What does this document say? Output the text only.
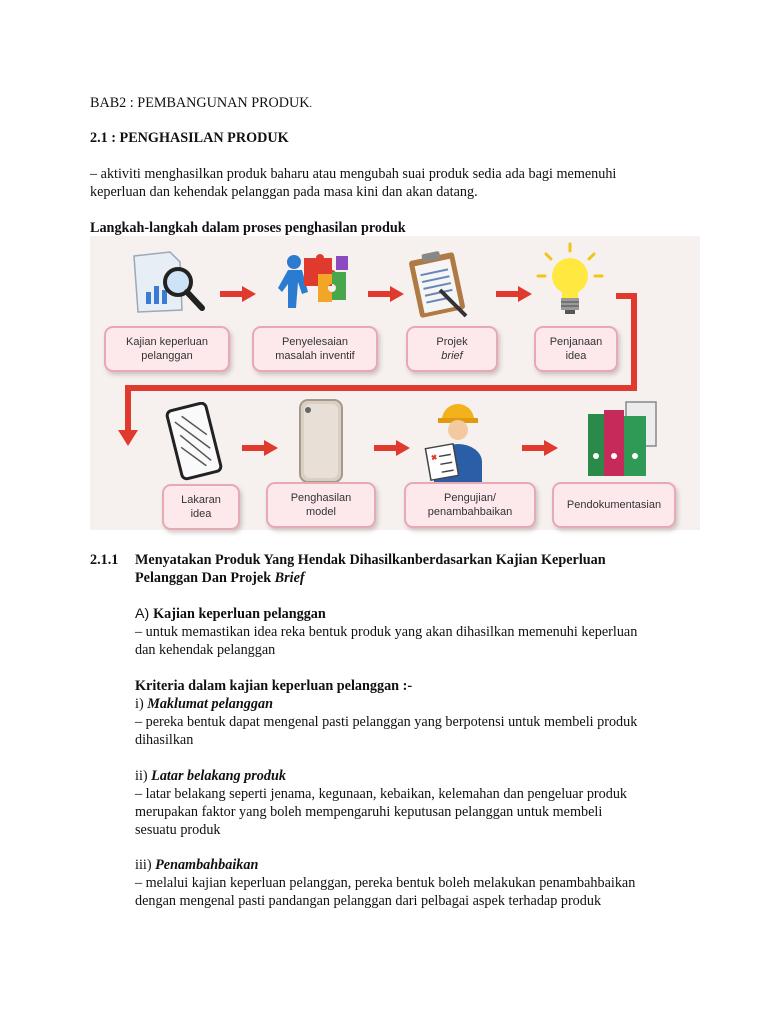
BAB2 : PEMBANGUNAN PRODUK.
2.1 : PENGHASILAN PRODUK
– aktiviti menghasilkan produk baharu atau mengubah suai produk sedia ada bagi memenuhi
keperluan dan kehendak pelanggan pada masa kini dan akan datang.
Langkah-langkah dalam proses penghasilan produk
Kajian keperluan
pelanggan
Penyelesaian
masalah inventif
Projek
brief
Penjanaan
idea
Lakaran
idea
Penghasilan
model
Pengujian/
penambahbaikan
Pendokumentasian
2.1.1 Menyatakan Produk Yang Hendak Dihasilkanberdasarkan Kajian Keperluan
Pelanggan Dan Projek Brief
A) Kajian keperluan pelanggan
– untuk memastikan idea reka bentuk produk yang akan dihasilkan memenuhi keperluan
dan kehendak pelanggan
Kriteria dalam kajian keperluan pelanggan :-
i) Maklumat pelanggan
– pereka bentuk dapat mengenal pasti pelanggan yang berpotensi untuk membeli produk
dihasilkan
ii) Latar belakang produk
– latar belakang seperti jenama, kegunaan, kebaikan, kelemahan dan pengeluar produk
merupakan faktor yang boleh mempengaruhi keputusan pelanggan untuk membeli
sesuatu produk
iii) Penambahbaikan
– melalui kajian keperluan pelanggan, pereka bentuk boleh melakukan penambahbaikan
dengan mengenal pasti pandangan pelanggan dari pelbagai aspek terhadap produk
